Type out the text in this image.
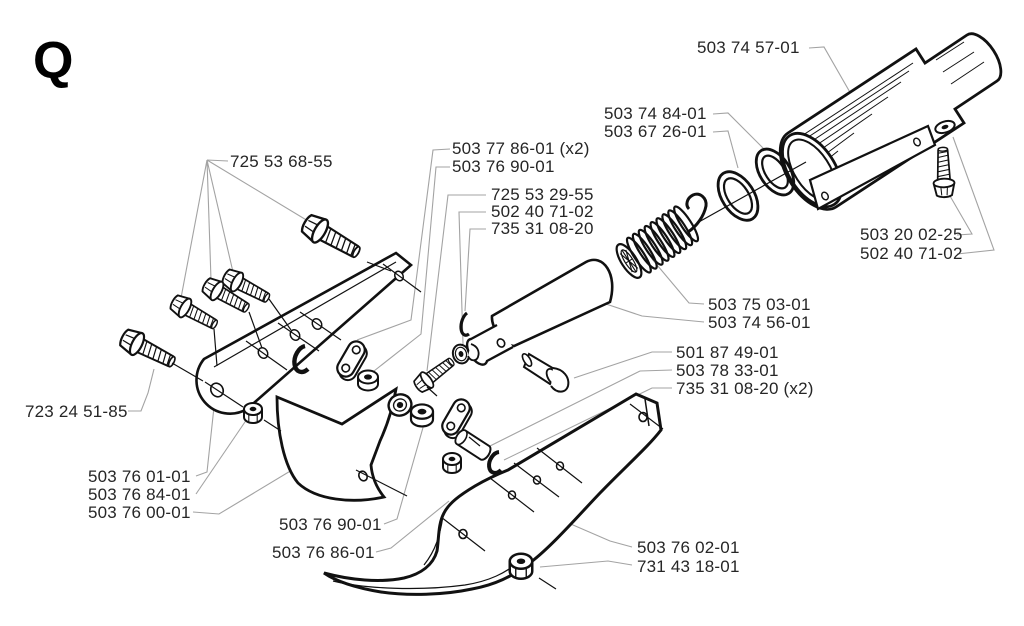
Q
725 53 68-55
503 77 86-01 (x2)
503 76 90-01
725 53 29-55
502 40 71-02
735 31 08-20
503 74 57-01
503 74 84-01
503 67 26-01
503 20 02-25
502 40 71-02
503 75 03-01
503 74 56-01
501 87 49-01
503 78 33-01
735 31 08-20 (x2)
723 24 51-85
503 76 01-01
503 76 84-01
503 76 00-01
503 76 90-01
503 76 86-01	503 76 02-01
731 43 18-01
